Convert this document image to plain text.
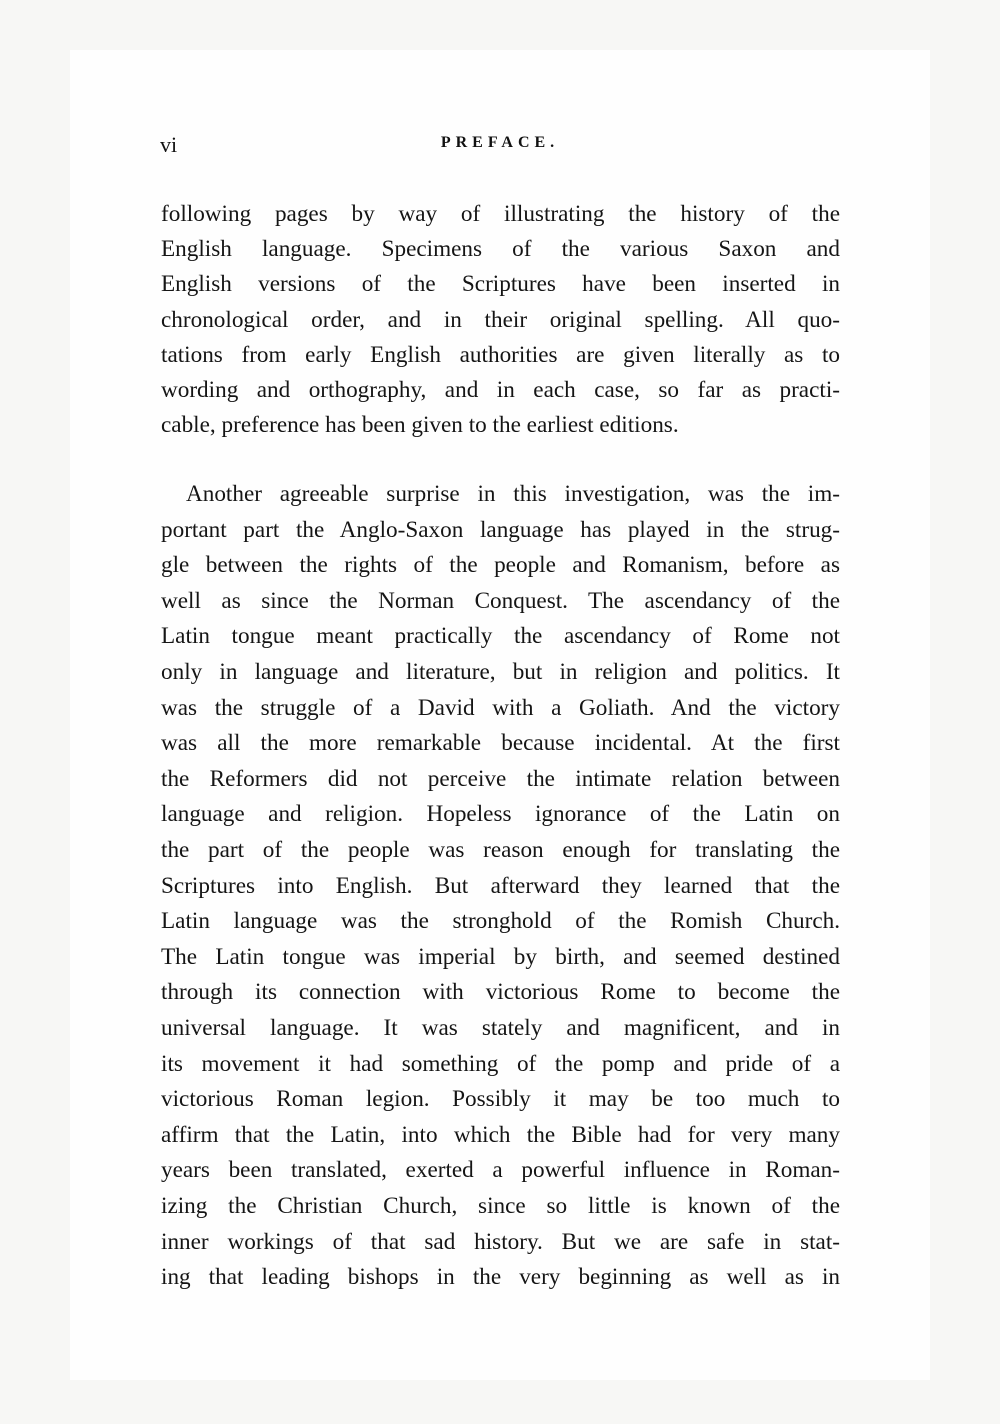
vi	PREFACE.
following pages by way of illustrating the history of the
English language. Specimens of the various Saxon and
English versions of the Scriptures have been inserted in
chronological order, and in their original spelling. All quo-
tations from early English authorities are given literally as to
wording and orthography, and in each case, so far as practi-
cable, preference has been given to the earliest editions.
Another agreeable surprise in this investigation, was the im-
portant part the Anglo-Saxon language has played in the strug-
gle between the rights of the people and Romanism, before as
well as since the Norman Conquest. The ascendancy of the
Latin tongue meant practically the ascendancy of Rome not
only in language and literature, but in religion and politics. It
was the struggle of a David with a Goliath. And the victory
was all the more remarkable because incidental. At the first
the Reformers did not perceive the intimate relation between
language and religion. Hopeless ignorance of the Latin on
the part of the people was reason enough for translating the
Scriptures into English. But afterward they learned that the
Latin language was the stronghold of the Romish Church.
The Latin tongue was imperial by birth, and seemed destined
through its connection with victorious Rome to become the
universal language. It was stately and magnificent, and in
its movement it had something of the pomp and pride of a
victorious Roman legion. Possibly it may be too much to
affirm that the Latin, into which the Bible had for very many
years been translated, exerted a powerful influence in Roman-
izing the Christian Church, since so little is known of the
inner workings of that sad history. But we are safe in stat-
ing that leading bishops in the very beginning as well as in
